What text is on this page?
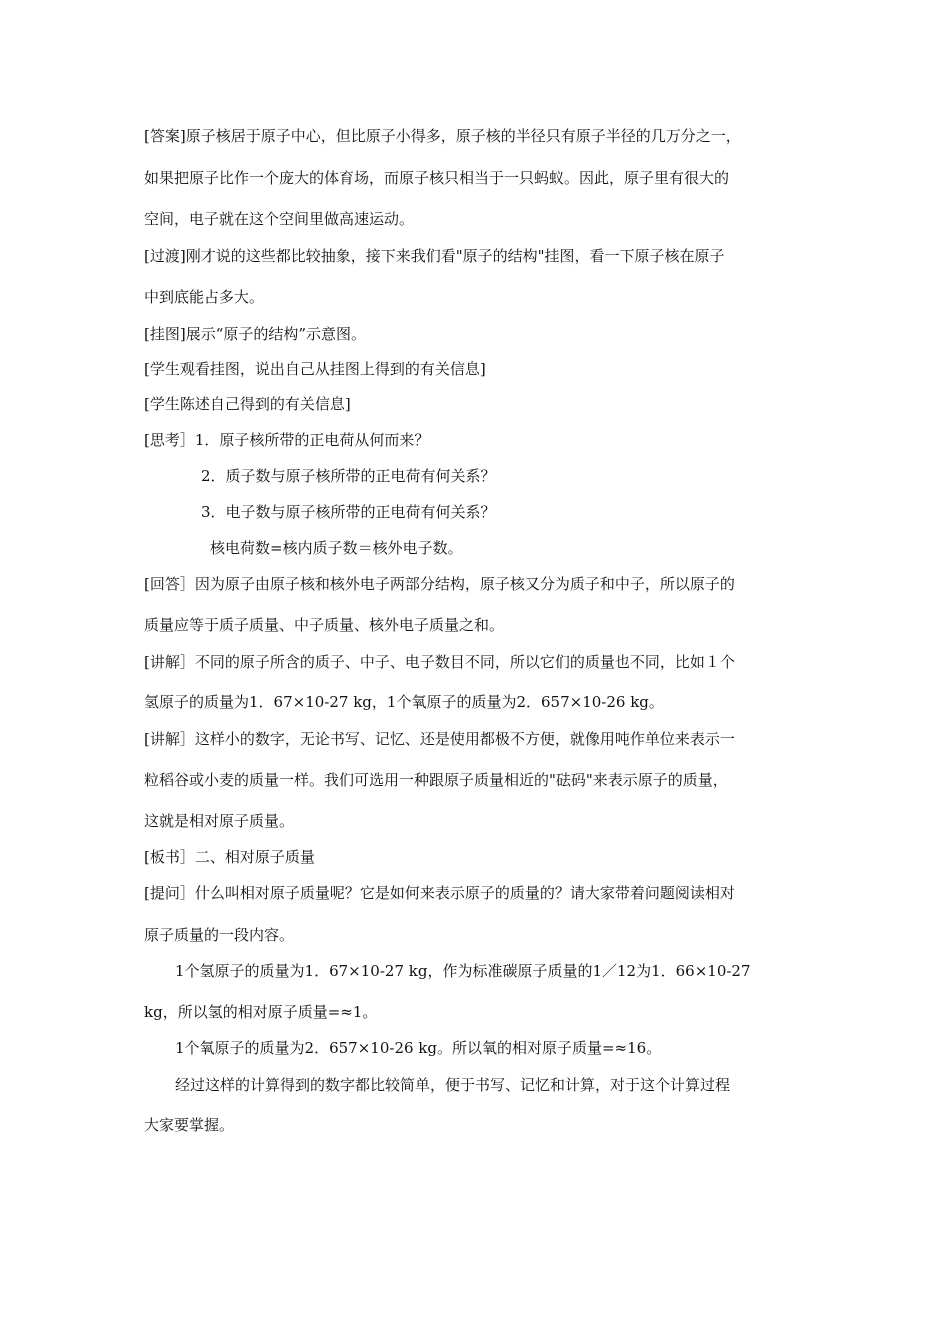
[答案]原子核居于原子中心，但比原子小得多，原子核的半径只有原子半径的几万分之一，
如果把原子比作一个庞大的体育场，而原子核只相当于一只蚂蚁。因此，原子里有很大的
空间，电子就在这个空间里做高速运动。
[过渡]刚才说的这些都比较抽象，接下来我们看"原子的结构"挂图，看一下原子核在原子
中到底能占多大。
[挂图]展示“原子的结构”示意图。
[学生观看挂图，说出自己从挂图上得到的有关信息]
[学生陈述自己得到的有关信息]
[思考］1．原子核所带的正电荷从何而来？
2．质子数与原子核所带的正电荷有何关系？
3．电子数与原子核所带的正电荷有何关系？
核电荷数=核内质子数＝核外电子数。
[回答］因为原子由原子核和核外电子两部分结构，原子核又分为质子和中子，所以原子的
质量应等于质子质量、中子质量、核外电子质量之和。
[讲解］不同的原子所含的质子、中子、电子数目不同，所以它们的质量也不同，比如１个
氢原子的质量为1．67×10-27 kg，1个氧原子的质量为2．657×10-26 kg。
[讲解］这样小的数字，无论书写、记忆、还是使用都极不方便，就像用吨作单位来表示一
粒稻谷或小麦的质量一样。我们可选用一种跟原子质量相近的"砝码"来表示原子的质量，
这就是相对原子质量。
[板书］二、相对原子质量
[提问］什么叫相对原子质量呢？它是如何来表示原子的质量的？请大家带着问题阅读相对
原子质量的一段内容。
1个氢原子的质量为1．67×10-27 kg，作为标准碳原子质量的1／12为1．66×10-27
kg，所以氢的相对原子质量=≈1。
1个氧原子的质量为2．657×10-26 kg。所以氧的相对原子质量=≈16。
经过这样的计算得到的数字都比较简单，便于书写、记忆和计算，对于这个计算过程
大家要掌握。
